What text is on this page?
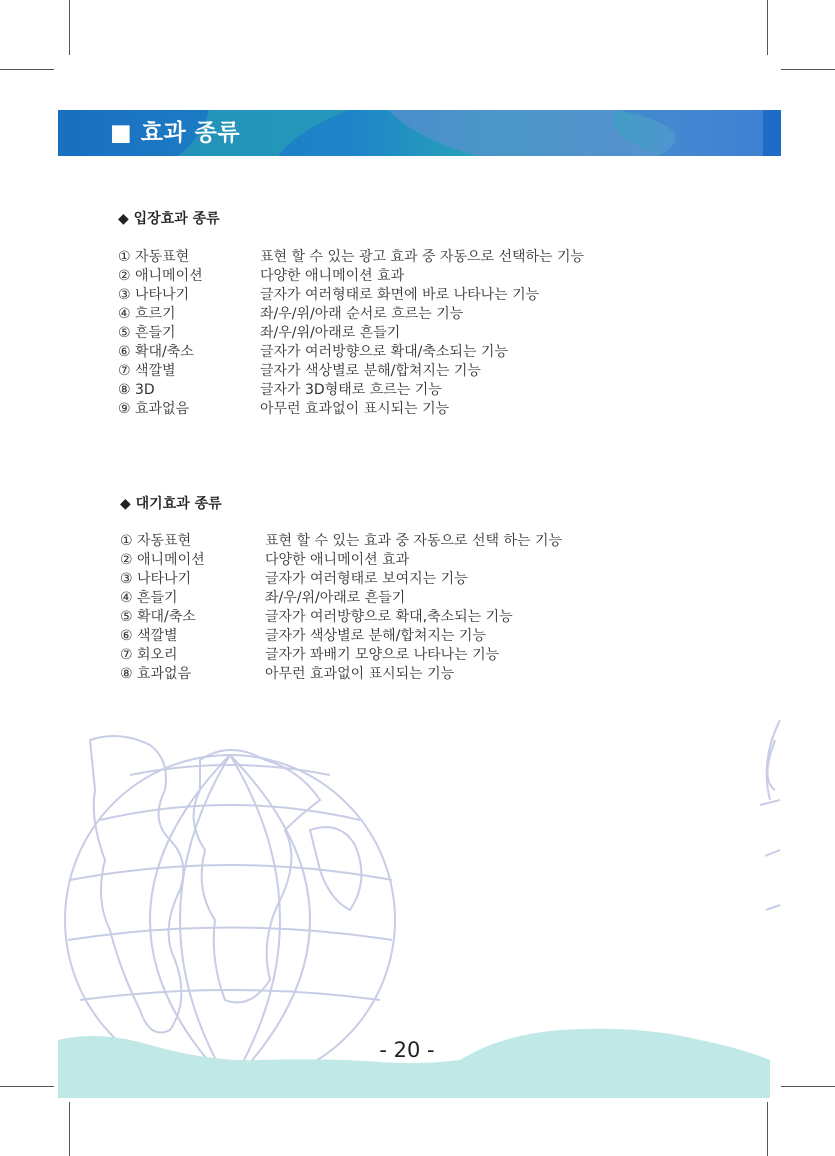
■ 효과 종류
◆ 입장효과 종류
① 자동표현	표현 할 수 있는 광고 효과 중 자동으로 선택하는 기능
② 애니메이션	다양한 애니메이션 효과
③ 나타나기	글자가 여러형태로 화면에 바로 나타나는 기능
④ 흐르기	좌/우/위/아래 순서로 흐르는 기능
⑤ 흔들기	좌/우/위/아래로 흔들기
⑥ 확대/축소	글자가 여러방향으로 확대/축소되는 기능
⑦ 색깔별	글자가 색상별로 분해/합쳐지는 기능
⑧ 3D	글자가 3D형태로 흐르는 기능
⑨ 효과없음	아무런 효과없이 표시되는 기능
◆ 대기효과 종류
① 자동표현	표현 할 수 있는 효과 중 자동으로 선택 하는 기능
② 애니메이션	다양한 애니메이션 효과
③ 나타나기	글자가 여러형태로 보여지는 기능
④ 흔들기	좌/우/위/아래로 흔들기
⑤ 확대/축소	글자가 여러방향으로 확대,축소되는 기능
⑥ 색깔별	글자가 색상별로 분해/합쳐지는 기능
⑦ 회오리	글자가 꽈배기 모양으로 나타나는 기능
⑧ 효과없음	아무런 효과없이 표시되는 기능
- 20 -
